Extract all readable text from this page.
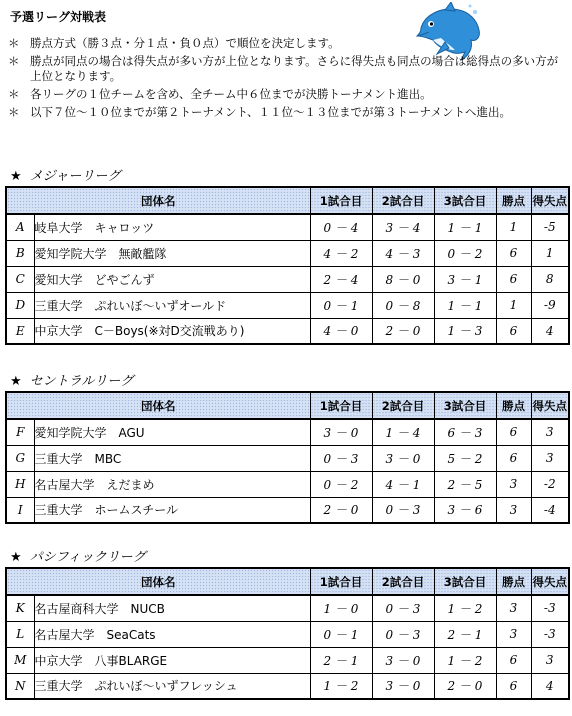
予選リーグ対戦表
＊ 勝点方式（勝３点・分１点・負０点）で順位を決定します。
＊ 勝点が同点の場合は得失点が多い方が上位となります。さらに得失点も同点の場合は総得点の多い方が上位となります。
＊ 各リーグの１位チームを含め、全チーム中６位までが決勝トーナメント進出。
＊ 以下７位～１０位までが第２トーナメント、１１位～１３位までが第３トーナメントへ進出。
★ メジャーリーグ
団体名		1試合目	2試合目	3試合目	勝点	得失点
A	岐阜大学　キャロッツ	0 － 4	3 － 4	1 － 1	1	-5
B	愛知学院大学　無敵艦隊	4 － 2	4 － 3	0 － 2	6	1
C	愛知大学　どやごんず	2 － 4	8 － 0	3 － 1	6	8
D	三重大学　ぷれいぼ～いずオールド	0 － 1	0 － 8	1 － 1	1	-9
E	中京大学　C－Boys(※対D交流戦あり)	4 － 0	2 － 0	1 － 3	6	4
★ セントラルリーグ
団体名		1試合目	2試合目	3試合目	勝点	得失点
F	愛知学院大学　AGU	3 － 0	1 － 4	6 － 3	6	3
G	三重大学　MBC	0 － 3	3 － 0	5 － 2	6	3
H	名古屋大学　えだまめ	0 － 2	4 － 1	2 － 5	3	-2
I	三重大学　ホームスチール	2 － 0	0 － 3	3 － 6	3	-4
★ パシフィックリーグ
団体名		1試合目	2試合目	3試合目	勝点	得失点
K	名古屋商科大学　NUCB	1 － 0	0 － 3	1 － 2	3	-3
L	名古屋大学　SeaCats	0 － 1	0 － 3	2 － 1	3	-3
M	中京大学　八事BLARGE	2 － 1	3 － 0	1 － 2	6	3
N	三重大学　ぷれいぼ～いずフレッシュ	1 － 2	3 － 0	2 － 0	6	4
